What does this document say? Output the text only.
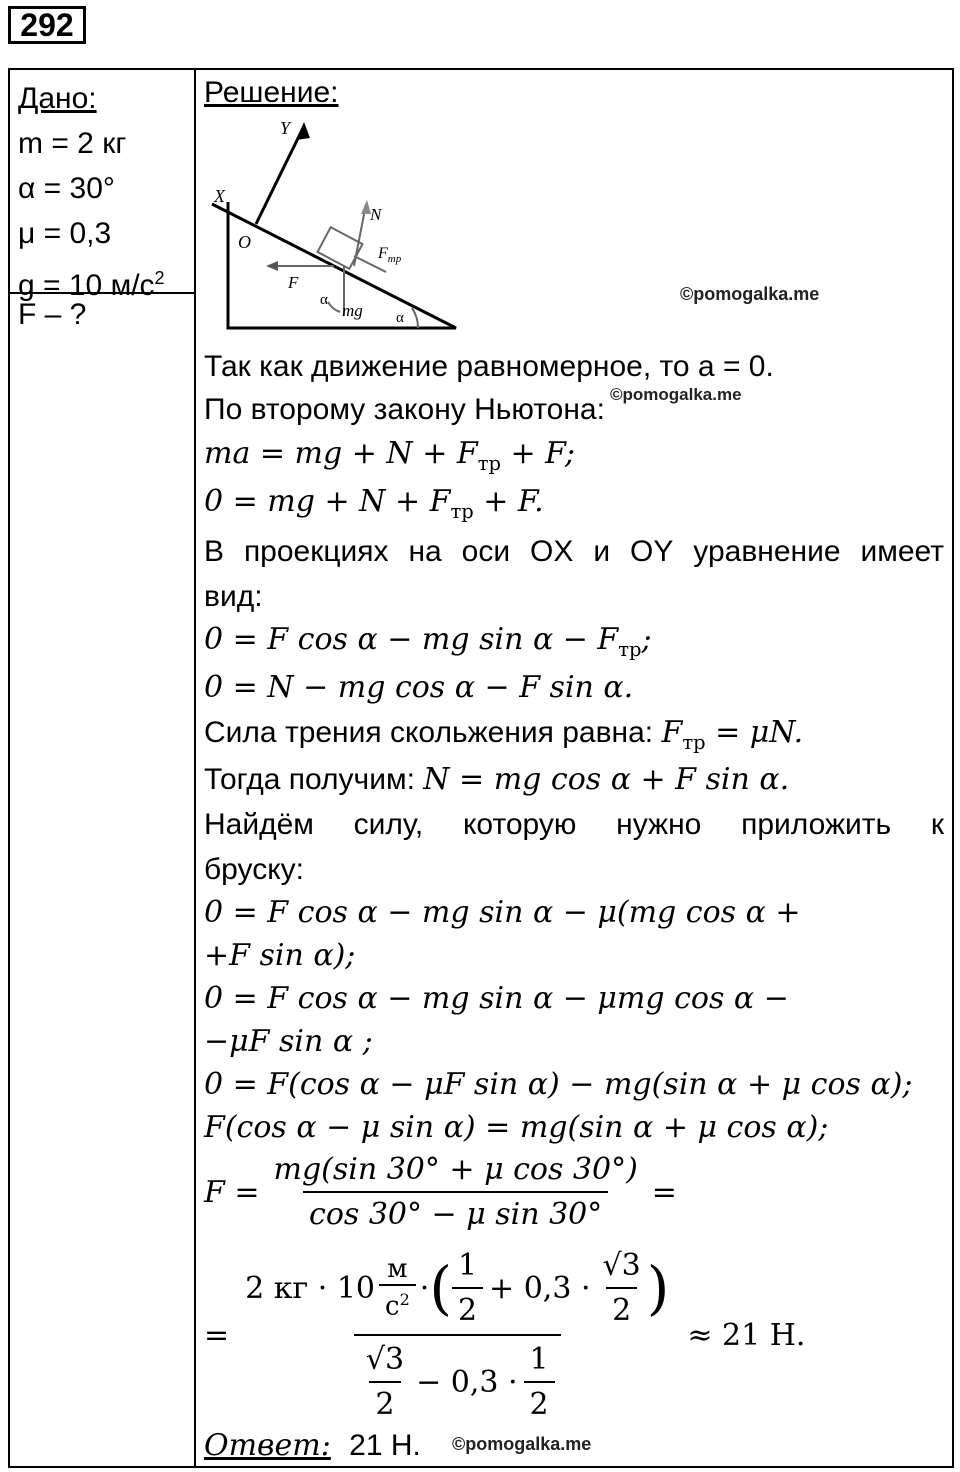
292
Дано:
m = 2 кг
α = 30°
μ = 0,3
g = 10 $м/с^2$
F – ?
Решение:
Y
X
O
N
$F_{тр}$
F
α
mg α
©pomogalka.me
Так как движение равномерное, то a = 0.
©pomogalka.me
По второму закону Ньютона:
ma = mg + $N + F_{тр} + F$;
0 = mg + $N + F_{тр} + F$.
В проекциях на оси OX и OY уравнение имеет
вид:
0 = F cos α − mg $\sin \alpha - F_{тр}$;
0 = N − mg cos α − F sin α.
Сила трения скольжения равна: $F_{тр} = \mu N$.
Тогда получим: N = mg cos α + F sin α.
Найдём силу, которую нужно приложить к
бруску:
0 = F cos α − mg sin α − μ(mg cos α +
+F sin α);
0 = F cos α − mg sin α − μmg cos α −
−μF sin α ;
0 = F(cos α − μF sin α) − mg(sin α + μ cos α);
F(cos α − μ sin α) = mg(sin α + μ cos α);
$F = \frac{\text{mg(sin 30° + μ cos 30°)}}{\text{cos 30° − μ sin 30°}}$ =
=
2 кг · $10 \frac{м}{с^2}$ · ( $\frac{1}{2} + 0,3 \cdot \frac{√3}{2}$ )
$\frac{√3}{2} - 0,3 \cdot \frac{1}{2}$
≈ 21 Н.
Ответ: 21 Н. ©pomogalka.me
